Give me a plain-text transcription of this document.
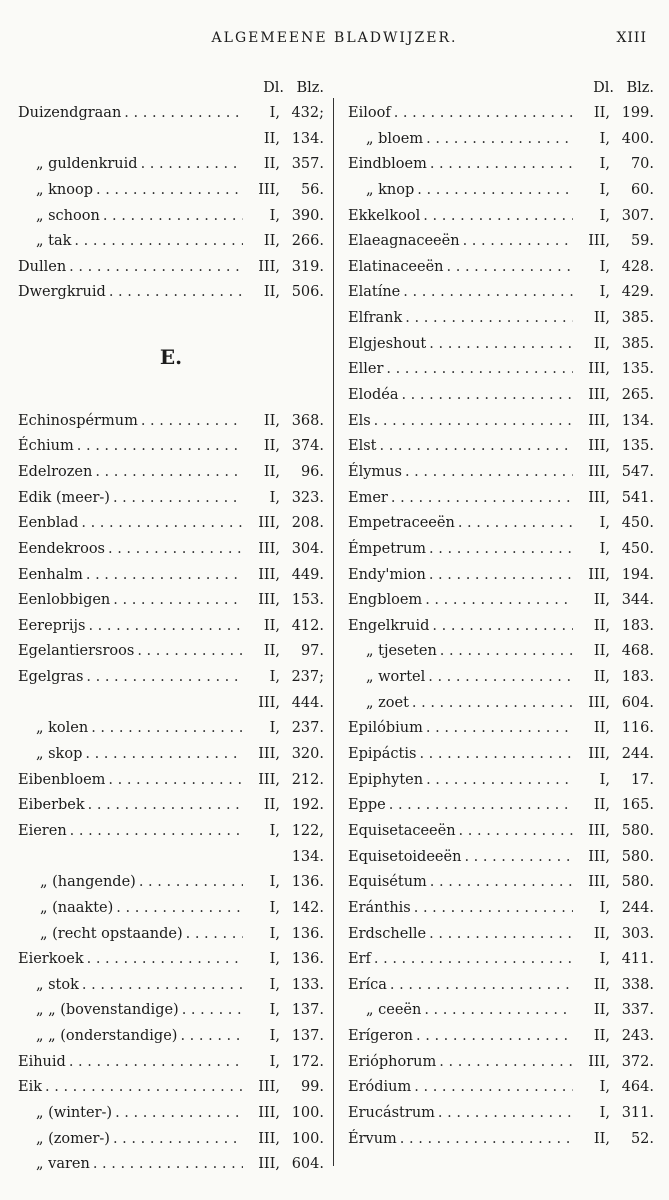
ALGEMEENE BLADWIJZER.	XIII
Dl. Blz.
Duizendgraan . . .	I, 432;
II, 134.
„ guldenkruid . . .	II, 357.
„ knoop . . .	III,	56.
„ schoon . . .	I, 390.
„ tak . . .	II, 266.
Dullen . . .	III, 319.
Dwergkruid . . .	II, 506.
E.
Echinospérmum . . .	II, 368.
Échium . . .	II, 374.
Edelrozen . . .	II,	96.
Edik (meer-) . . .	I, 323.
Eenblad . . .	III, 208.
Eendekroos . . .	III, 304.
Eenhalm . . .	III, 449.
Eenlobbigen . . .	III, 153.
Eereprijs . . .	II, 412.
Egelantiersroos . . .	II,	97.
Egelgras . . .	I, 237;
III, 444.
„ kolen . . .	I, 237.
„ skop . . .	III, 320.
Eibenbloem . . .	III, 212.
Eiberbek . . .	II, 192.
Eieren . . .	I, 122,
134.
„ (hangende) . . .	I, 136.
„ (naakte) . . .	I, 142.
„ (recht opstaande) . . .	I, 136.
Eierkoek . . .	I, 136.
„ stok . . .	I, 133.
„ „ (bovenstandige) . . .	I, 137.
„ „ (onderstandige) . . .	I, 137.
Eihuid . . .	I, 172.
Eik . . .	III,	99.
„ (winter-) . . .	III, 100.
„ (zomer-) . . .	III, 100.
„ varen . . .	III, 604.
Dl. Blz.
Eiloof . . .	II, 199.
„ bloem . . .	I, 400.
Eindbloem . . .	I,	70.
„ knop . . .	I,	60.
Ekkelkool . . .	I, 307.
Elaeagnaceeën . . .	III,	59.
Elatinaceeën . . .	I, 428.
Elatíne . . .	I, 429.
Elfrank . . .	II, 385.
Elgjeshout . . .	II, 385.
Eller . . .	III, 135.
Elodéa . . .	III, 265.
Els . . .	III, 134.
Elst . . .	III, 135.
Élymus . . .	III, 547.
Emer . . .	III, 541.
Empetraceeën . . .	I, 450.
Émpetrum . . .	I, 450.
Endy'mion . . .	III, 194.
Engbloem . . .	II, 344.
Engelkruid . . .	II, 183.
„ tjeseten . . .	II, 468.
„ wortel . . .	II, 183.
„ zoet . . .	III, 604.
Epilóbium . . .	II, 116.
Epipáctis . . .	III, 244.
Epiphyten . . .	I,	17.
Eppe . . .	II, 165.
Equisetaceeën . . .	III, 580.
Equisetoideeën . . .	III, 580.
Equisétum . . .	III, 580.
Eránthis . . .	I, 244.
Erdschelle . . .	II, 303.
Erf . . .	I, 411.
Eríca . . .	II, 338.
„ ceeën . . .	II, 337.
Erígeron . . .	II, 243.
Erióphorum . . .	III, 372.
Eródium . . .	I, 464.
Erucástrum . . .	I, 311.
Érvum . . .	II,	52.
